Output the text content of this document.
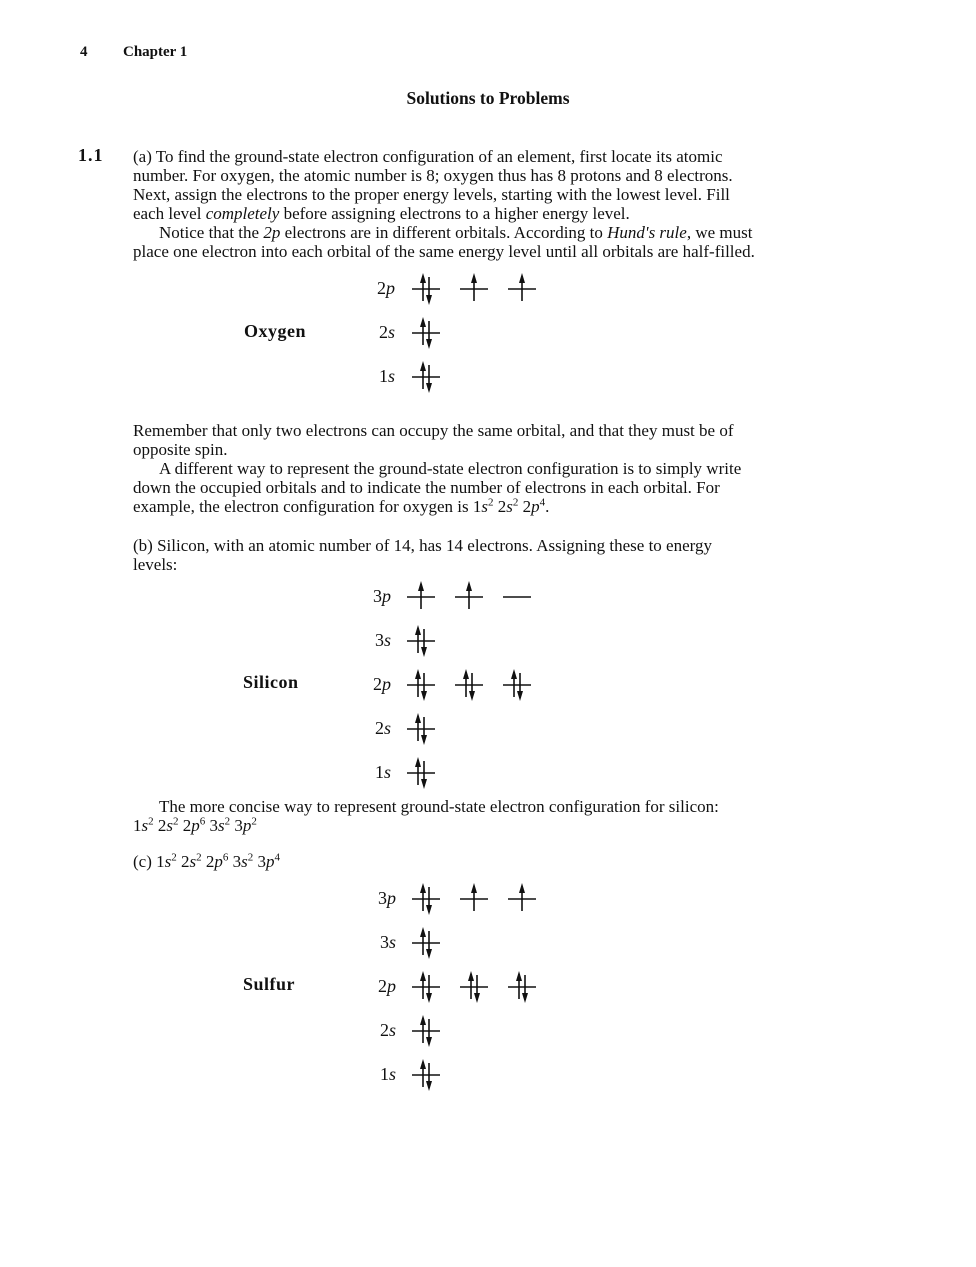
4 Chapter 1
Solutions to Problems
1.1 (a) To find the ground-state electron configuration of an element, first locate its atomic

number. For oxygen, the atomic number is 8; oxygen thus has 8 protons and 8 electrons.

Next, assign the electrons to the proper energy levels, starting with the lowest level. Fill

each level completely before assigning electrons to a higher energy level.

Notice that the 2p electrons are in different orbitals. According to Hund's rule, we must

place one electron into each orbital of the same energy level until all orbitals are half-filled.

Oxygen
2p
2s
1s

Remember that only two electrons can occupy the same orbital, and that they must be of

opposite spin.

A different way to represent the ground-state electron configuration is to simply write

down the occupied orbitals and to indicate the number of electrons in each orbital. For

example, the electron configuration for oxygen is $1s^2$ $2s^2$ $2p^4$.

(b) Silicon, with an atomic number of 14, has 14 electrons. Assigning these to energy

levels:

Silicon
3p
3s
2p
2s
1s

The more concise way to represent ground-state electron configuration for silicon:

$1s^2$ $2s^2$ $2p^6$ $3s^2$ $3p^2$

(c) $1s^2$ $2s^2$ $2p^6$ $3s^2$ $3p^4$

Sulfur
3p
3s
2p
2s
1s
